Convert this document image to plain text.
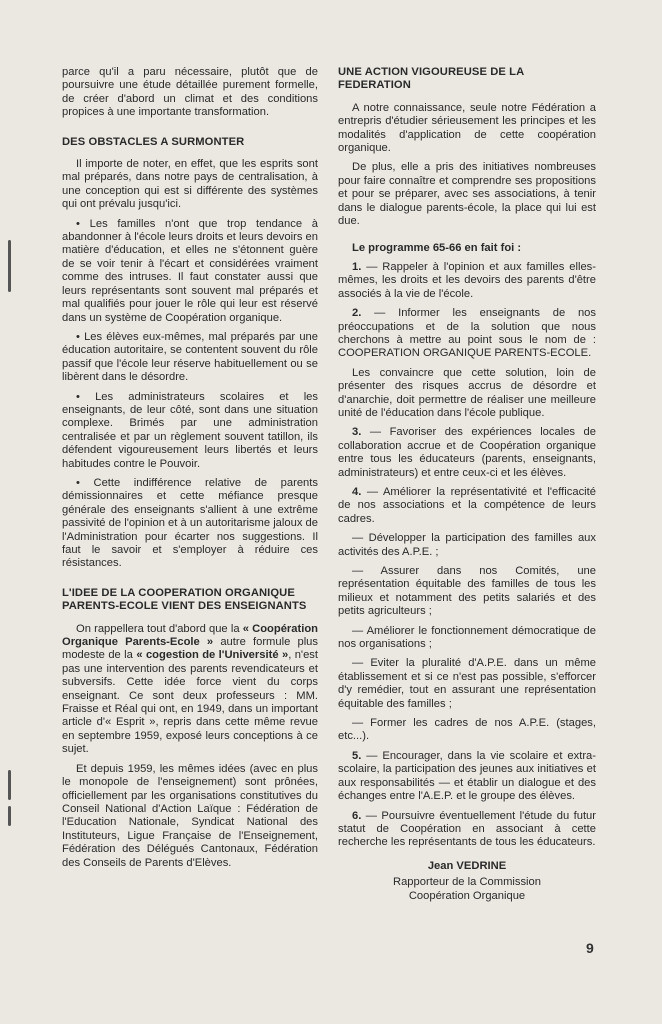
parce qu'il a paru nécessaire, plutôt que de poursuivre une étude détaillée purement formelle, de créer d'abord un climat et des conditions propices à une importante transformation.

DES OBSTACLES A SURMONTER

Il importe de noter, en effet, que les esprits sont mal préparés, dans notre pays de centralisation, à une conception qui est si différente des systèmes qui ont prévalu jusqu'ici.

• Les familles n'ont que trop tendance à abandonner à l'école leurs droits et leurs devoirs en matière d'éducation, et elles ne s'étonnent guère de se voir tenir à l'écart et considérées vraiment comme des intruses. Il faut constater aussi que leurs représentants sont souvent mal préparés et mal qualifiés pour jouer le rôle qui leur est réservé dans un système de Coopération organique.

• Les élèves eux-mêmes, mal préparés par une éducation autoritaire, se contentent souvent du rôle passif que l'école leur réserve habituellement ou se libèrent dans le désordre.

• Les administrateurs scolaires et les enseignants, de leur côté, sont dans une situation complexe. Brimés par une administration centralisée et par un règlement souvent tatillon, ils défendent vigoureusement leurs libertés et leurs habitudes contre le Pouvoir.

• Cette indifférence relative de parents démissionnaires et cette méfiance presque générale des enseignants s'allient à une extrême passivité de l'opinion et à un autoritarisme jaloux de l'Administration pour écarter nos suggestions. Il faut le savoir et s'employer à réduire ces résistances.

L'IDEE DE LA COOPERATION ORGANIQUE PARENTS-ECOLE VIENT DES ENSEIGNANTS

On rappellera tout d'abord que la « Coopération Organique Parents-Ecole » autre formule plus modeste de la « cogestion de l'Université », n'est pas une intervention des parents revendicateurs et subversifs. Cette idée force vient du corps enseignant. Ce sont deux professeurs : MM. Fraisse et Réal qui ont, en 1949, dans un important article d'« Esprit », repris dans cette même revue en septembre 1959, exposé leurs conceptions à ce sujet.

Et depuis 1959, les mêmes idées (avec en plus le monopole de l'enseignement) sont prônées, officiellement par les organisations constitutives du Conseil National d'Action Laïque : Fédération de l'Education Nationale, Syndicat National des Instituteurs, Ligue Française de l'Enseignement, Fédération des Délégués Cantonaux, Fédération des Conseils de Parents d'Elèves.

UNE ACTION VIGOUREUSE DE LA FEDERATION

A notre connaissance, seule notre Fédération a entrepris d'étudier sérieusement les principes et les modalités d'application de cette coopération organique.

De plus, elle a pris des initiatives nombreuses pour faire connaître et comprendre ses propositions et pour se préparer, avec ses associations, à tenir dans le dialogue parents-école, la place qui lui est due.

Le programme 65-66 en fait foi :

1. — Rappeler à l'opinion et aux familles elles-mêmes, les droits et les devoirs des parents d'être associés à la vie de l'école.

2. — Informer les enseignants de nos préoccupations et de la solution que nous cherchons à mettre au point sous le nom de : COOPERATION ORGANIQUE PARENTS-ECOLE.

Les convaincre que cette solution, loin de présenter des risques accrus de désordre et d'anarchie, doit permettre de réaliser une meilleure unité de l'éducation dans l'école publique.

3. — Favoriser des expériences locales de collaboration accrue et de Coopération organique entre tous les éducateurs (parents, enseignants, administrateurs) et entre ceux-ci et les élèves.

4. — Améliorer la représentativité et l'efficacité de nos associations et la compétence de leurs cadres.

— Développer la participation des familles aux activités des A.P.E. ;

— Assurer dans nos Comités, une représentation équitable des familles de tous les milieux et notamment des petits salariés et des petits agriculteurs ;

— Améliorer le fonctionnement démocratique de nos organisations ;

— Eviter la pluralité d'A.P.E. dans un même établissement et si ce n'est pas possible, s'efforcer d'y remédier, tout en assurant une représentation équitable des familles ;

— Former les cadres de nos A.P.E. (stages, etc...).

5. — Encourager, dans la vie scolaire et extra-scolaire, la participation des jeunes aux initiatives et aux responsabilités — et établir un dialogue et des échanges entre l'A.E.P. et le groupe des élèves.

6. — Poursuivre éventuellement l'étude du futur statut de Coopération en associant à cette recherche les représentants de tous les éducateurs.

Jean VEDRINE
Rapporteur de la Commission
Coopération Organique
9
